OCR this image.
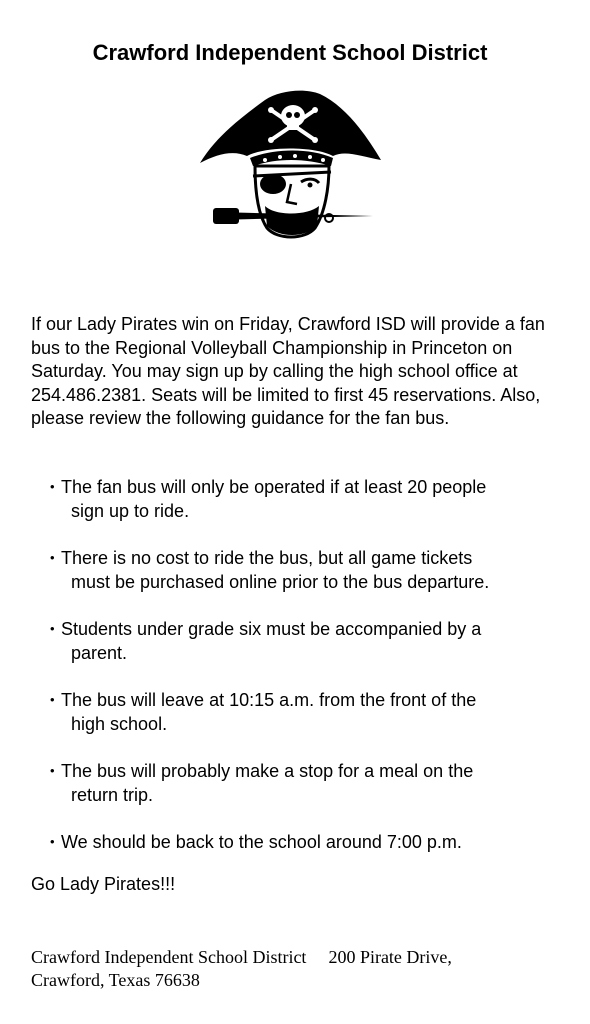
Crawford Independent School District
If our Lady Pirates win on Friday, Crawford ISD will provide a fan bus to the Regional Volleyball Championship in Princeton on Saturday. You may sign up by calling the high school office at 254.486.2381. Seats will be limited to first 45 reservations. Also, please review the following guidance for the fan bus.
• The fan bus will only be operated if at least 20 people
sign up to ride.
• There is no cost to ride the bus, but all game tickets
must be purchased online prior to the bus departure.
• Students under grade six must be accompanied by a
parent.
• The bus will leave at 10:15 a.m. from the front of the
high school.
• The bus will probably make a stop for a meal on the
return trip.
• We should be back to the school around 7:00 p.m.
Go Lady Pirates!!!
Crawford Independent School District 200 Pirate Drive,
Crawford, Texas 76638
